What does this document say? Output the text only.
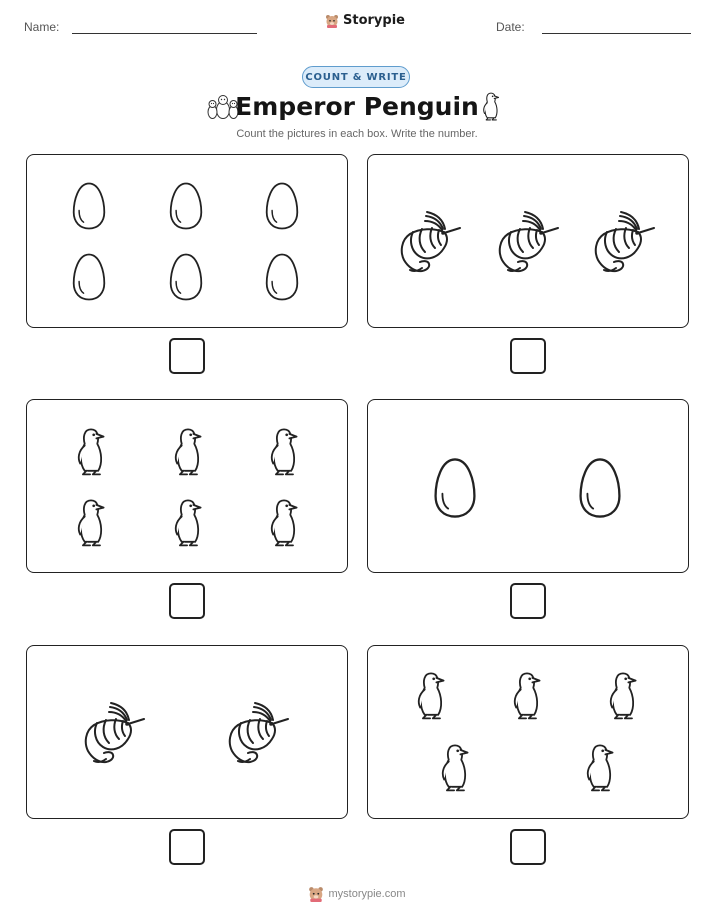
Name:	Storypie	Date:
COUNT & WRITE
Emperor Penguin
Count the pictures in each box. Write the number.
mystorypie.com
